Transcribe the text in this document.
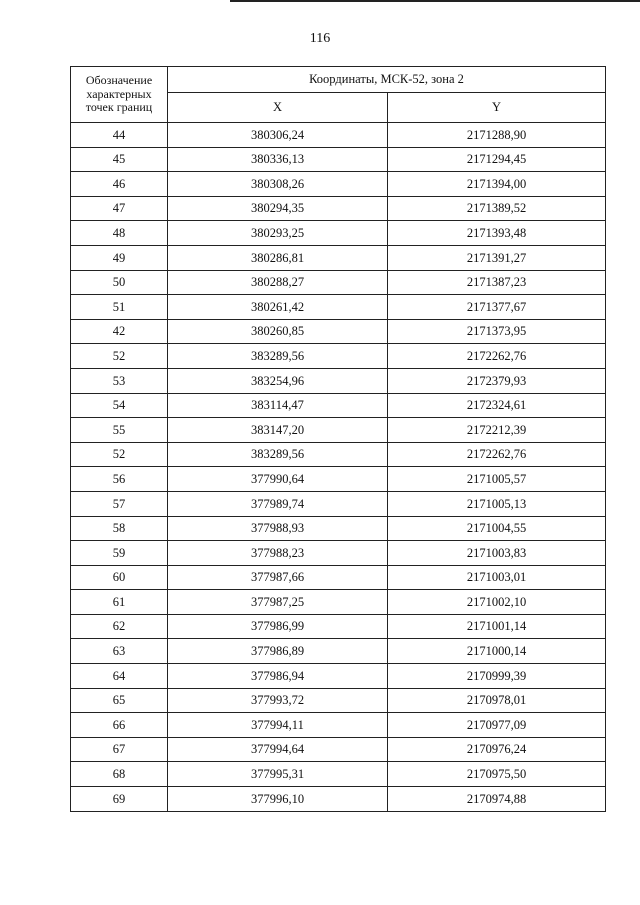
116
Обозначение
характерных
точек границ	Координаты, МСК-52, зона 2	
	X	Y
44	380306,24	2171288,90
45	380336,13	2171294,45
46	380308,26	2171394,00
47	380294,35	2171389,52
48	380293,25	2171393,48
49	380286,81	2171391,27
50	380288,27	2171387,23
51	380261,42	2171377,67
42	380260,85	2171373,95
52	383289,56	2172262,76
53	383254,96	2172379,93
54	383114,47	2172324,61
55	383147,20	2172212,39
52	383289,56	2172262,76
56	377990,64	2171005,57
57	377989,74	2171005,13
58	377988,93	2171004,55
59	377988,23	2171003,83
60	377987,66	2171003,01
61	377987,25	2171002,10
62	377986,99	2171001,14
63	377986,89	2171000,14
64	377986,94	2170999,39
65	377993,72	2170978,01
66	377994,11	2170977,09
67	377994,64	2170976,24
68	377995,31	2170975,50
69	377996,10	2170974,88
